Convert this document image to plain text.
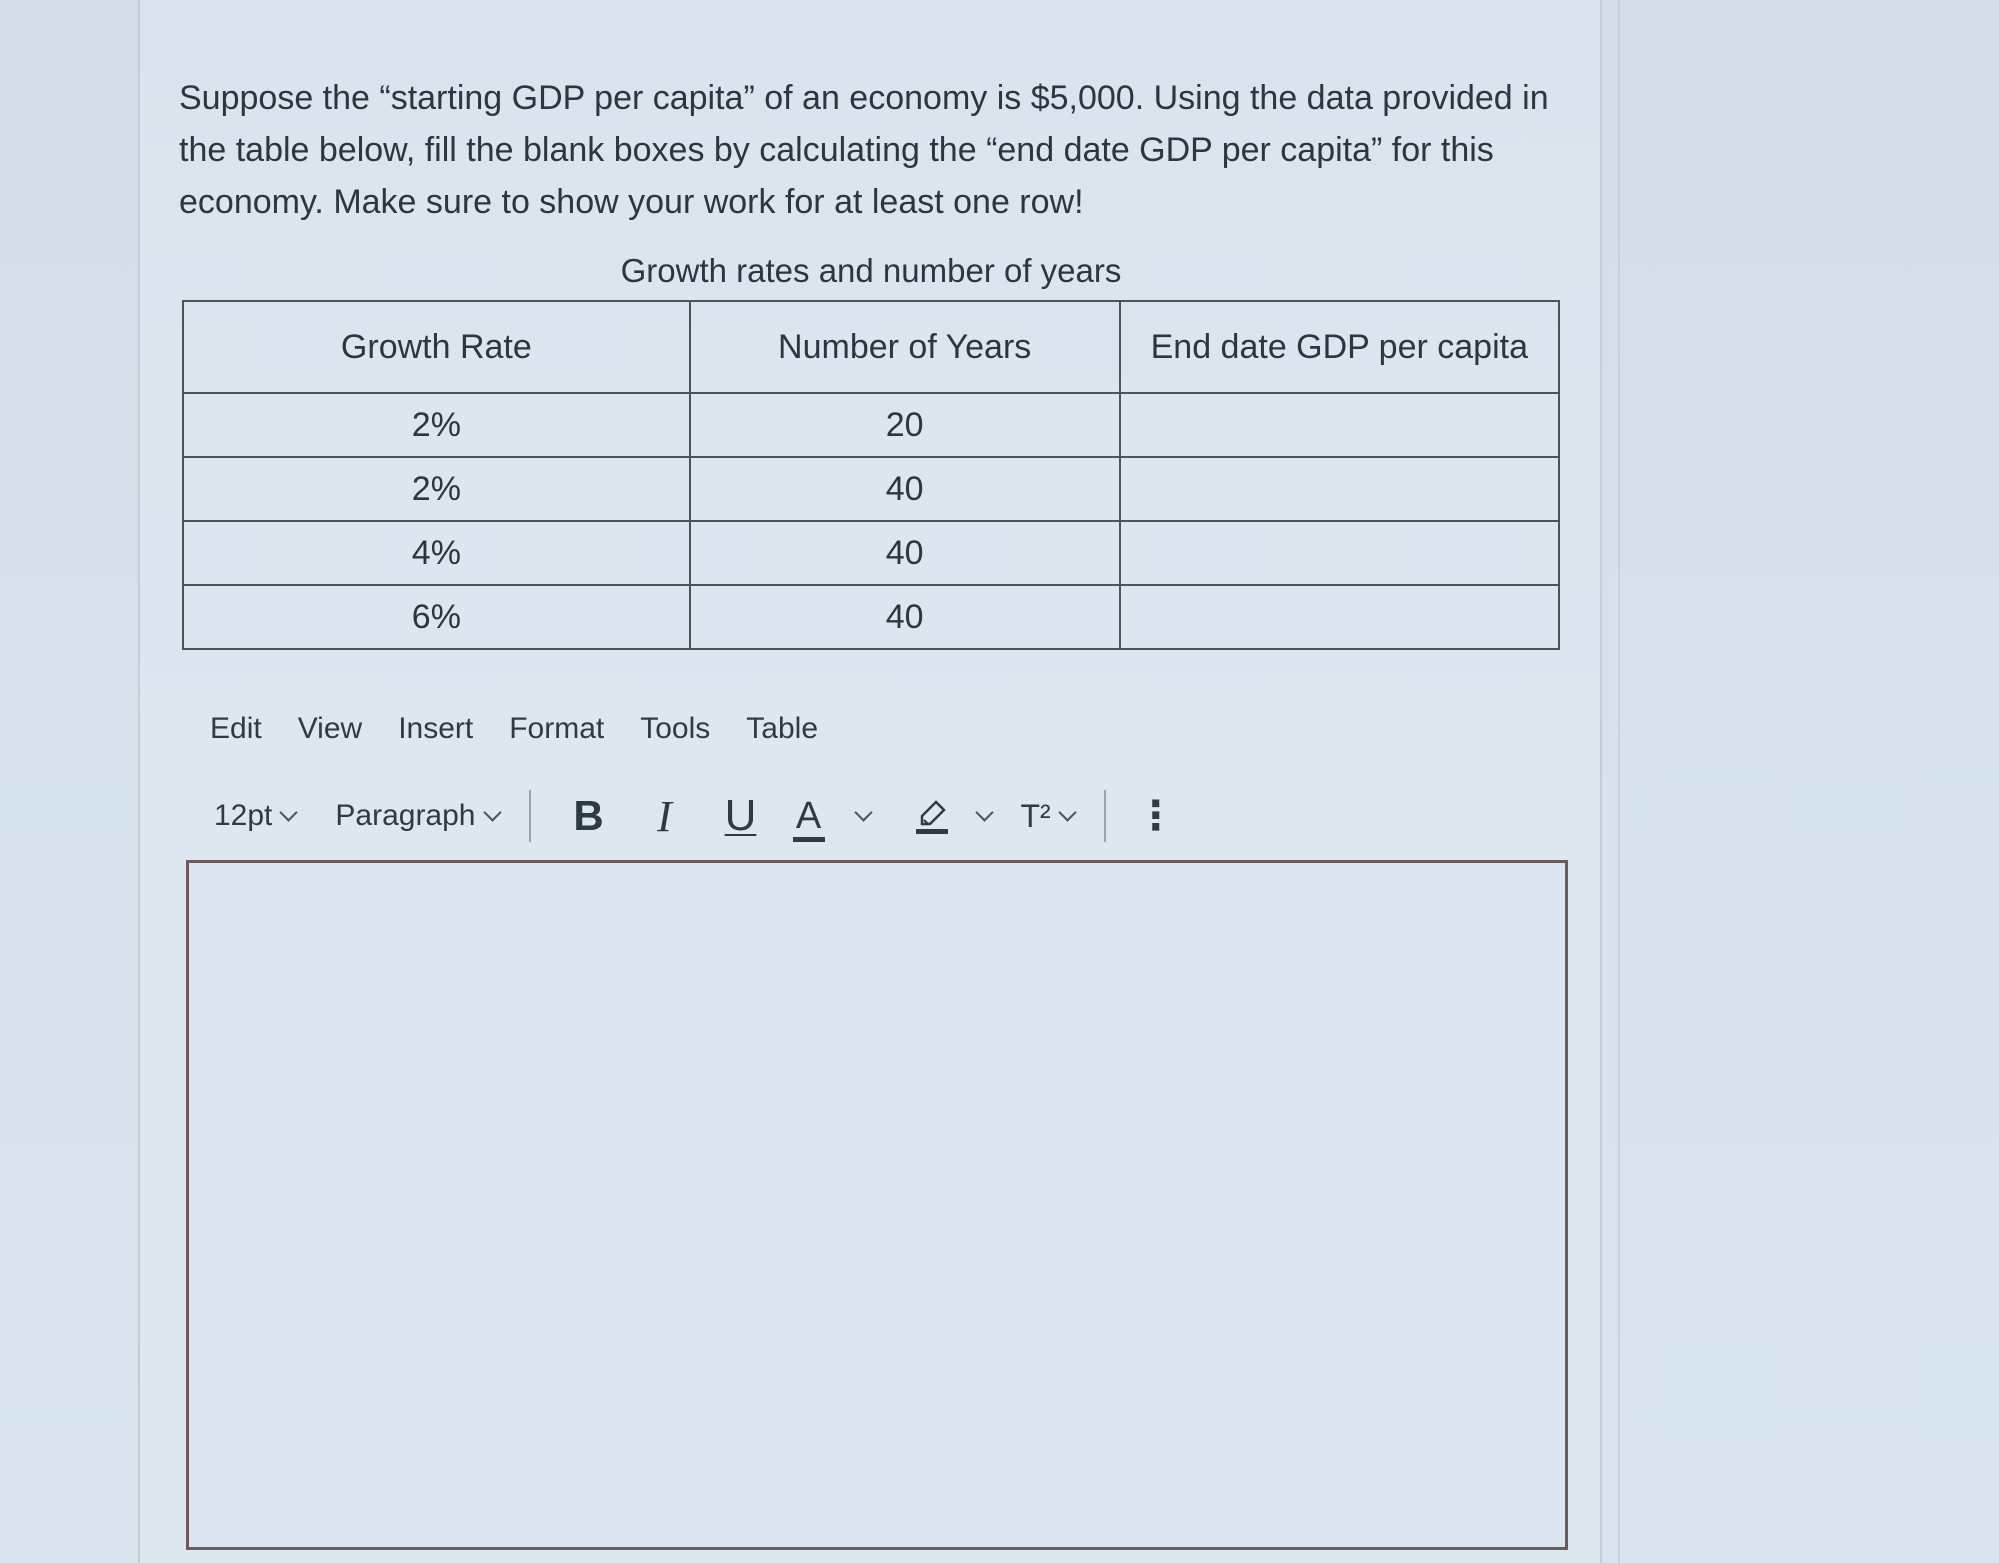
Suppose the “starting GDP per capita” of an economy is $5,000. Using the data provided in the table below, fill the blank boxes by calculating the “end date GDP per capita” for this economy. Make sure to show your work for at least one row!

Growth rates and number of years
Growth Rate	Number of Years	End date GDP per capita
2%	20	
2%	40	
4%	40	
6%	40	
Edit View Insert Format Tools Table
12pt Paragraph	B	I	U	A	T² ⋮
